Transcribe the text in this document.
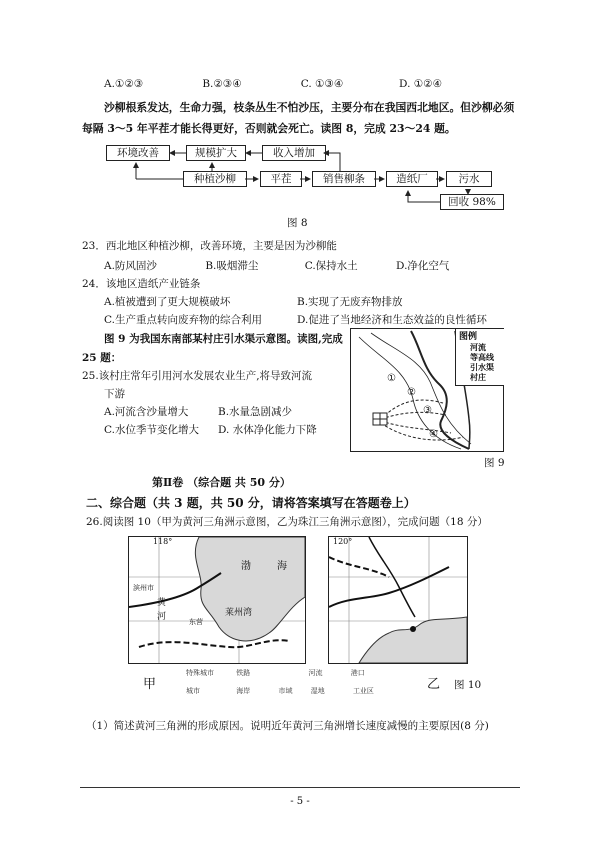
A.①②③	B.②③④	C. ①③④	D. ①②④
沙柳根系发达，生命力强，枝条丛生不怕沙压，主要分布在我国西北地区。但沙柳必须
每隔 3～5 年平茬才能长得更好，否则就会死亡。读图 8，完成 23～24 题。
环境改善	规模扩大	收入增加
种植沙柳	平茬	销售柳条	造纸厂	污水
回收 98%
图 8
23．西北地区种植沙柳，改善环境，主要是因为沙柳能
A.防风固沙	B.吸烟滞尘	C.保持水土	D.净化空气
24．该地区造纸产业链条
A.植被遭到了更大规模破坏	B.实现了无废弃物排放
C.生产重点转向废弃物的综合利用	D.促进了当地经济和生态效益的良性循环
图 9 为我国东南部某村庄引水渠示意图。读图,完成
25 题：
25.该村庄常年引用河水发展农业生产,将导致河流
下游
A.河流含沙量增大	B.水量急剧减少
C.水位季节变化增大 D. 水体净化能力下降
①
②
③
④
图例
河流
等高线
引水渠
村庄
图 9
第Ⅱ卷 （综合题 共 50 分）
二、综合题（共 3 题，共 50 分，请将答案填写在答题卷上）
26.阅读图 10（甲为黄河三角洲示意图，乙为珠江三角洲示意图），完成问题（18 分）
118°
渤	海
黄
河	莱州湾
滨州市
东营
120°
特殊城市	铁路	河流	港口
城市	海岸	市域	湿地	工业区
甲	乙 图 10
（1）简述黄河三角洲的形成原因。说明近年黄河三角洲增长速度减慢的主要原因(8 分)
- 5 -
